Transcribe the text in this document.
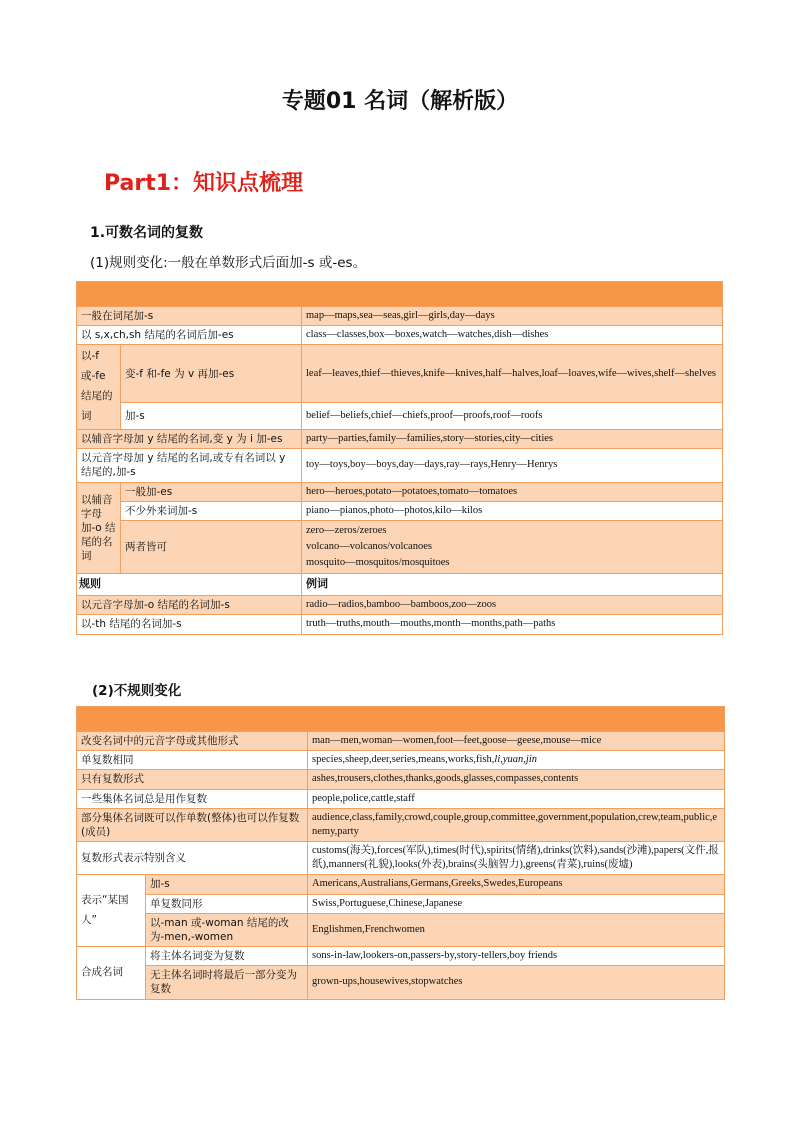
专题01 名词（解析版）
Part1：知识点梳理
1.可数名词的复数
(1)规则变化:一般在单数形式后面加-s 或-es。

一般在词尾加-s		map—maps,sea—seas,girl—girls,day—days
以 s,x,ch,sh 结尾的名词后加-es		class—classes,box—boxes,watch—watches,dish—dishes
以-f 或-fe 结尾的词	变-f 和-fe 为 v 再加-es	leaf—leaves,thief—thieves,knife—knives,half—halves,loaf—loaves,wife—wives,shelf—shelves
	加-s	belief—beliefs,chief—chiefs,proof—proofs,roof—roofs
以辅音字母加 y 结尾的名词,变 y 为 i 加-es		party—parties,family—families,story—stories,city—cities
以元音字母加 y 结尾的名词,或专有名词以 y 结尾的,加-s		toy—toys,boy—boys,day—days,ray—rays,Henry—Henrys
以辅音字母加-o 结尾的名词	一般加-es	hero—heroes,potato—potatoes,tomato—tomatoes
	不少外来词加-s	piano—pianos,photo—photos,kilo—kilos
	两者皆可	zero—zeros/zeroes

volcano—volcanos/volcanoes

mosquito—mosquitos/mosquitoes

规则		例词
以元音字母加-o 结尾的名词加-s		radio—radios,bamboo—bamboos,zoo—zoos
以-th 结尾的名词加-s		truth—truths,mouth—mouths,month—months,path—paths
(2)不规则变化

改变名词中的元音字母或其他形式		man—men,woman—women,foot—feet,goose—geese,mouse—mice
单复数相同		species,sheep,deer,series,means,works,fish,li,yuan,jin
只有复数形式		ashes,trousers,clothes,thanks,goods,glasses,compasses,contents
一些集体名词总是用作复数		people,police,cattle,staff
部分集体名词既可以作单数(整体)也可以作复数(成员)		audience,class,family,crowd,couple,group,committee,government,population,crew,team,public,enemy,party
复数形式表示特别含义		customs(海关),forces(军队),times(时代),spirits(情绪),drinks(饮料),sands(沙滩),papers(文件,报纸),manners(礼貌),looks(外表),brains(头脑智力),greens(青菜),ruins(废墟)
表示“某国人”	加-s	Americans,Australians,Germans,Greeks,Swedes,Europeans
	单复数同形	Swiss,Portuguese,Chinese,Japanese
	以-man 或-woman 结尾的改为-men,-women	Englishmen,Frenchwomen
合成名词	将主体名词变为复数	sons-in-law,lookers-on,passers-by,story-tellers,boy friends
	无主体名词时将最后一部分变为复数	grown-ups,housewives,stopwatches
